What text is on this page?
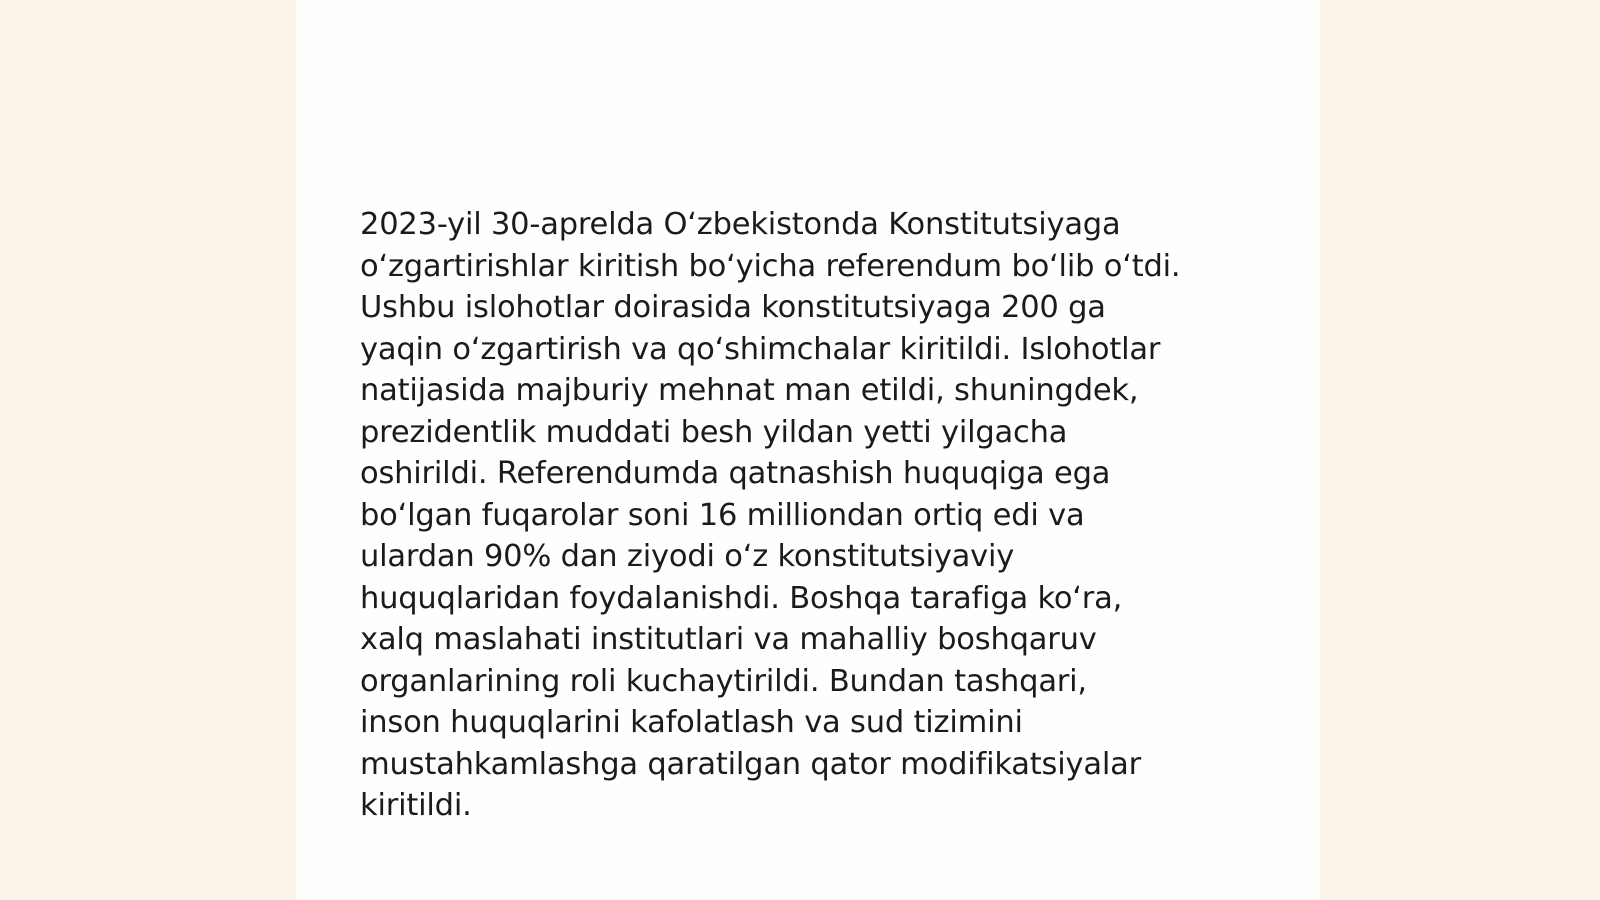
2023-yil 30-aprelda O‘zbekistonda Konstitutsiyaga
o‘zgartirishlar kiritish bo‘yicha referendum bo‘lib o‘tdi.
Ushbu islohotlar doirasida konstitutsiyaga 200 ga
yaqin o‘zgartirish va qo‘shimchalar kiritildi. Islohotlar
natijasida majburiy mehnat man etildi, shuningdek,
prezidentlik muddati besh yildan yetti yilgacha
oshirildi. Referendumda qatnashish huquqiga ega
bo‘lgan fuqarolar soni 16 milliondan ortiq edi va
ulardan 90% dan ziyodi o‘z konstitutsiyaviy
huquqlaridan foydalanishdi. Boshqa tarafiga ko‘ra,
xalq maslahati institutlari va mahalliy boshqaruv
organlarining roli kuchaytirildi. Bundan tashqari,
inson huquqlarini kafolatlash va sud tizimini
mustahkamlashga qaratilgan qator modifikatsiyalar
kiritildi.
